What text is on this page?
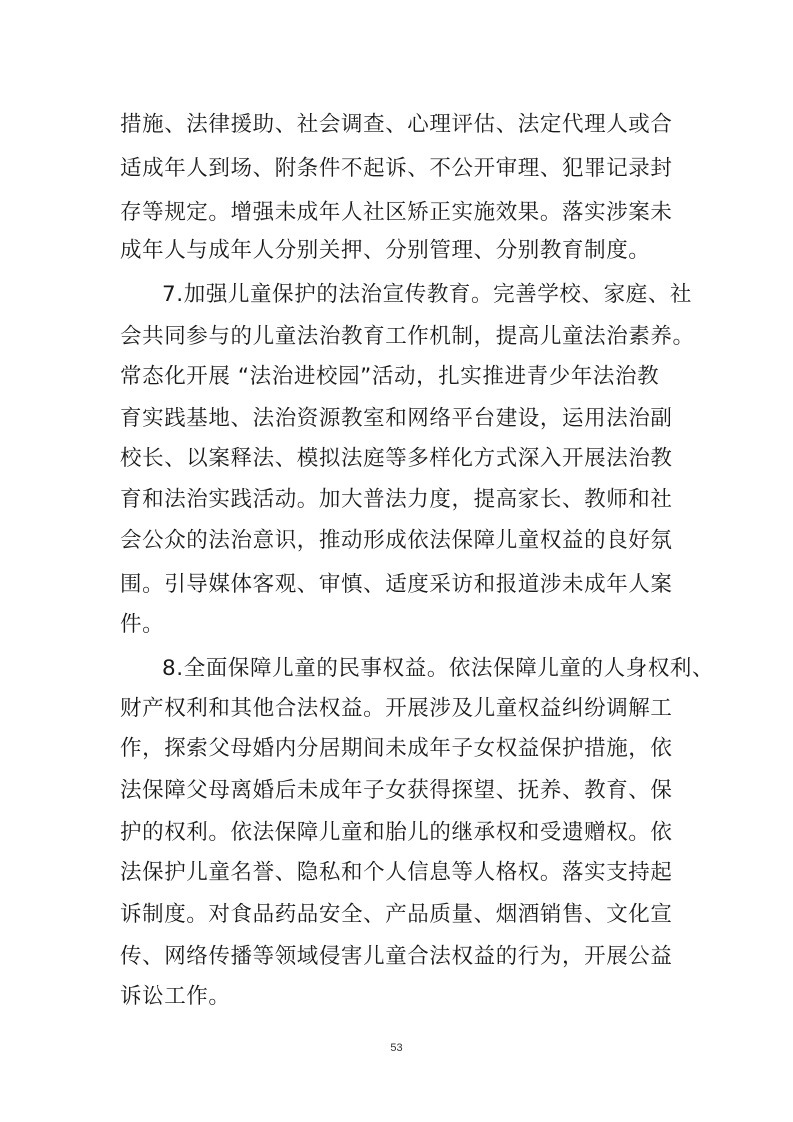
措施、法律援助、社会调查、心理评估、法定代理人或合
适成年人到场、附条件不起诉、不公开审理、犯罪记录封
存等规定。增强未成年人社区矫正实施效果。落实涉案未
成年人与成年人分别关押、分别管理、分别教育制度。
7.加强儿童保护的法治宣传教育。完善学校、家庭、社
会共同参与的儿童法治教育工作机制，提高儿童法治素养。
常态化开展 “法治进校园”活动，扎实推进青少年法治教
育实践基地、法治资源教室和网络平台建设，运用法治副
校长、以案释法、模拟法庭等多样化方式深入开展法治教
育和法治实践活动。加大普法力度，提高家长、教师和社
会公众的法治意识，推动形成依法保障儿童权益的良好氛
围。引导媒体客观、审慎、适度采访和报道涉未成年人案
件。
8.全面保障儿童的民事权益。依法保障儿童的人身权利、
财产权利和其他合法权益。开展涉及儿童权益纠纷调解工
作，探索父母婚内分居期间未成年子女权益保护措施，依
法保障父母离婚后未成年子女获得探望、抚养、教育、保
护的权利。依法保障儿童和胎儿的继承权和受遗赠权。依
法保护儿童名誉、隐私和个人信息等人格权。落实支持起
诉制度。对食品药品安全、产品质量、烟酒销售、文化宣
传、网络传播等领域侵害儿童合法权益的行为，开展公益
诉讼工作。
53
